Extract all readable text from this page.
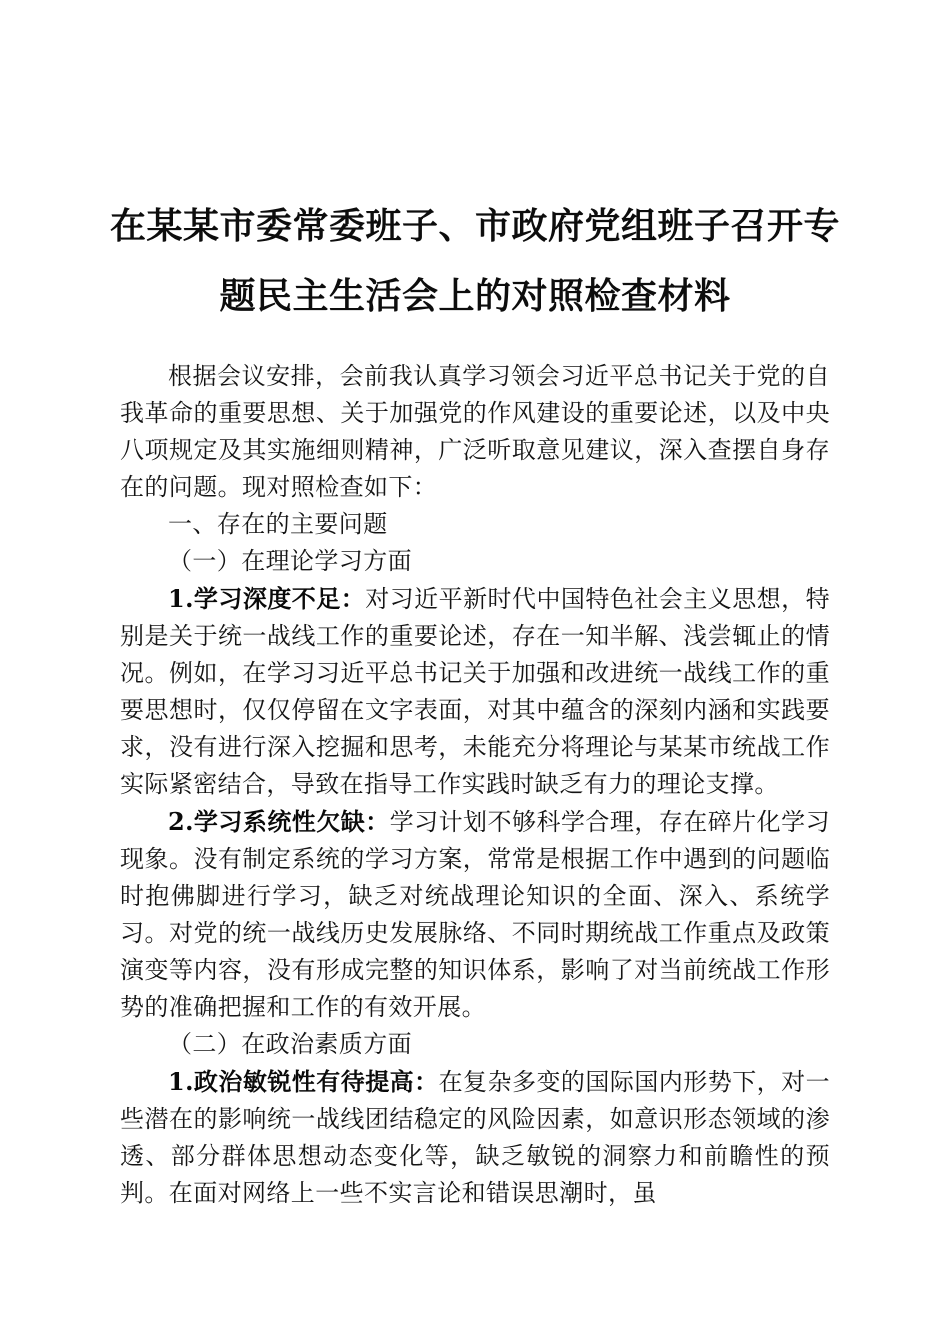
在某某市委常委班子、市政府党组班子召开专
题民主生活会上的对照检查材料

根据会议安排，会前我认真学习领会习近平总书记关于党的自我革命的重要思想、关于加强党的作风建设的重要论述，以及中央八项规定及其实施细则精神，广泛听取意见建议，深入查摆自身存在的问题。现对照检查如下：

一、存在的主要问题

（一）在理论学习方面

1.学习深度不足：对习近平新时代中国特色社会主义思想，特别是关于统一战线工作的重要论述，存在一知半解、浅尝辄止的情况。例如，在学习习近平总书记关于加强和改进统一战线工作的重要思想时，仅仅停留在文字表面，对其中蕴含的深刻内涵和实践要求，没有进行深入挖掘和思考，未能充分将理论与某某市统战工作实际紧密结合，导致在指导工作实践时缺乏有力的理论支撑。

2.学习系统性欠缺：学习计划不够科学合理，存在碎片化学习现象。没有制定系统的学习方案，常常是根据工作中遇到的问题临时抱佛脚进行学习，缺乏对统战理论知识的全面、深入、系统学习。对党的统一战线历史发展脉络、不同时期统战工作重点及政策演变等内容，没有形成完整的知识体系，影响了对当前统战工作形势的准确把握和工作的有效开展。

（二）在政治素质方面

1.政治敏锐性有待提高：在复杂多变的国际国内形势下，对一些潜在的影响统一战线团结稳定的风险因素，如意识形态领域的渗透、部分群体思想动态变化等，缺乏敏锐的洞察力和前瞻性的预判。在面对网络上一些不实言论和错误思潮时，虽
